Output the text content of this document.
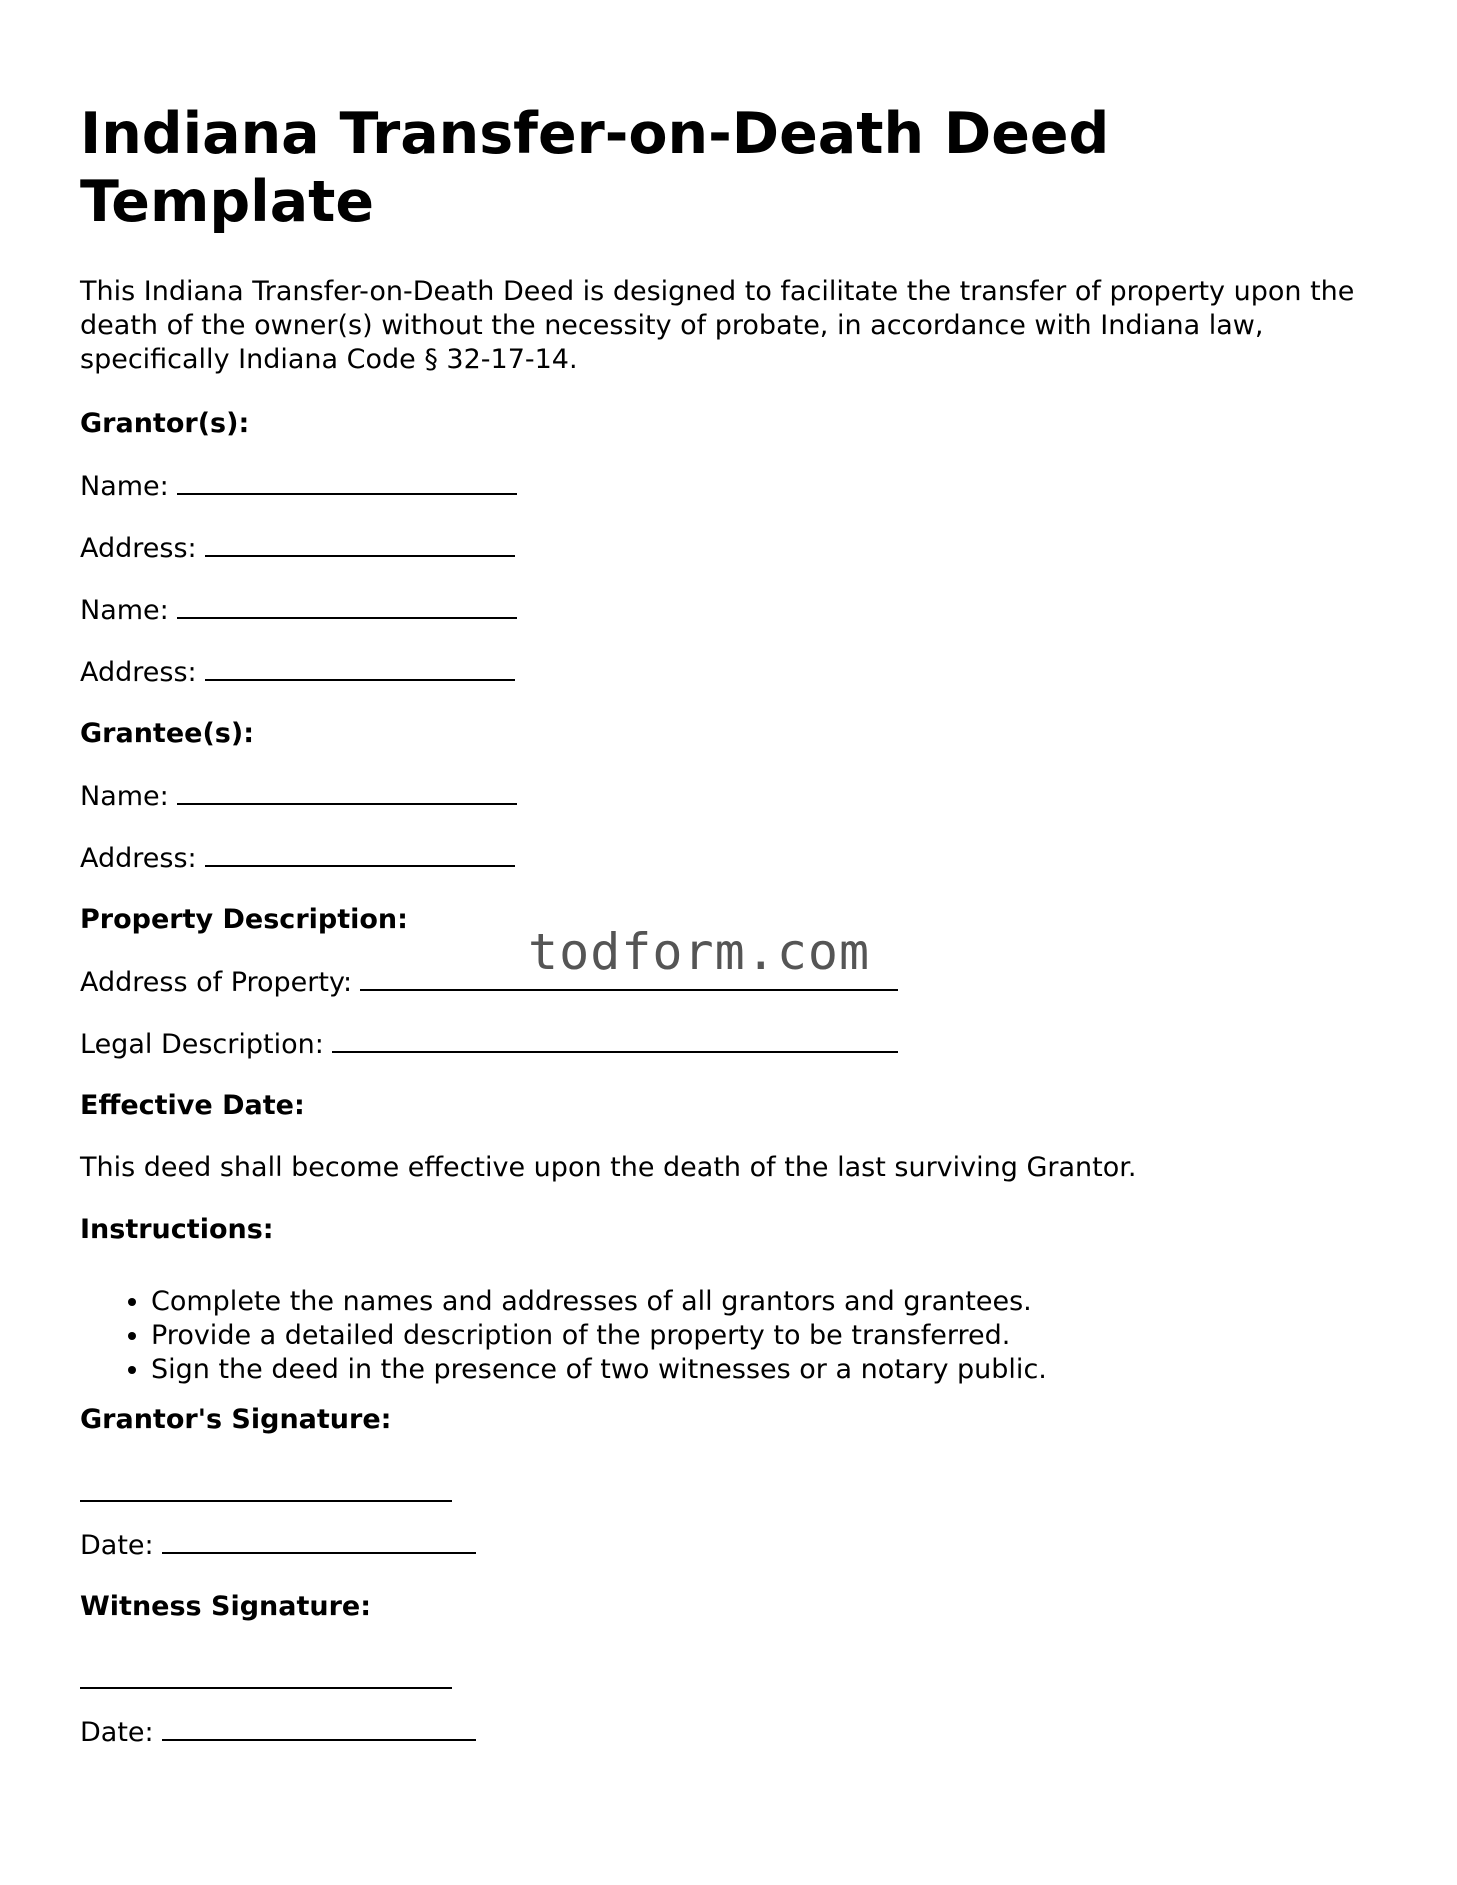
Indiana Transfer-on-Death Deed Template

This Indiana Transfer-on-Death Deed is designed to facilitate the transfer of property upon the death of the owner(s) without the necessity of probate, in accordance with Indiana law, specifically Indiana Code § 32-17-14.

Grantor(s):

Name:

Address:

Name:

Address:

Grantee(s):

Name:

Address:

Property Description:

Address of Property:

Legal Description:

Effective Date:

This deed shall become effective upon the death of the last surviving Grantor.

Instructions:

• Complete the names and addresses of all grantors and grantees.
• Provide a detailed description of the property to be transferred.
• Sign the deed in the presence of two witnesses or a notary public.

Grantor's Signature:

Date:

Witness Signature:

Date:

todform.com
